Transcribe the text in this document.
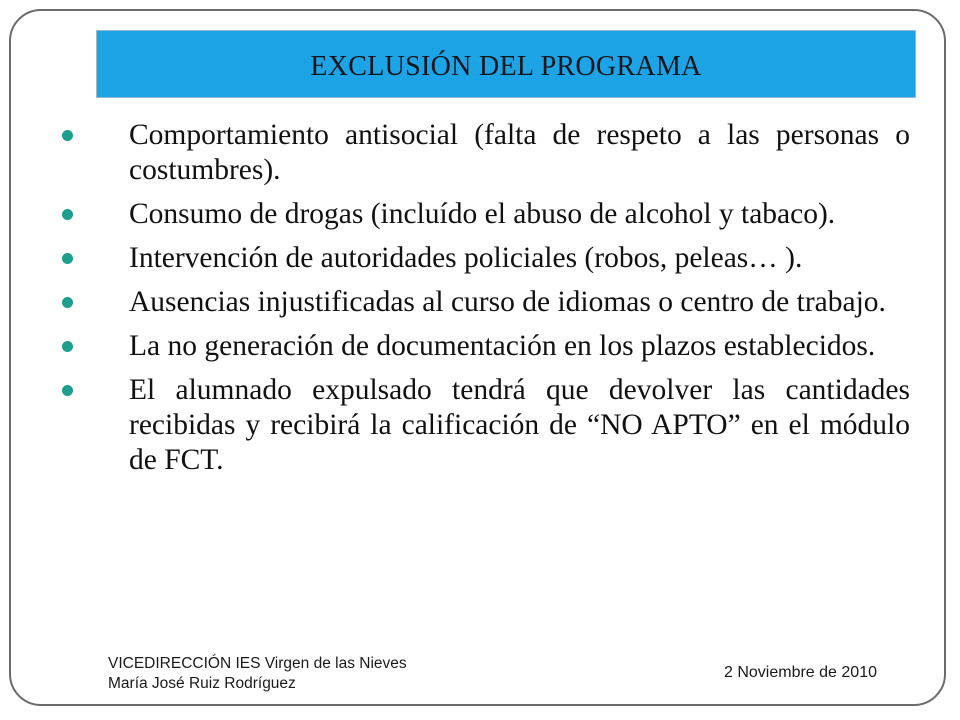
EXCLUSIÓN DEL PROGRAMA
Comportamiento antisocial (falta de respeto a las personas o costumbres).
Consumo de drogas (incluído el abuso de alcohol y tabaco).
Intervención de autoridades policiales (robos, peleas… ).
Ausencias injustificadas al curso de idiomas o centro de trabajo.
La no generación de documentación en los plazos establecidos.
El alumnado expulsado tendrá que devolver las cantidades recibidas y recibirá la calificación de “NO APTO” en el módulo de FCT.
VICEDIRECCIÓN IES Virgen de las Nieves
María José Ruiz Rodríguez
2 Noviembre de 2010
